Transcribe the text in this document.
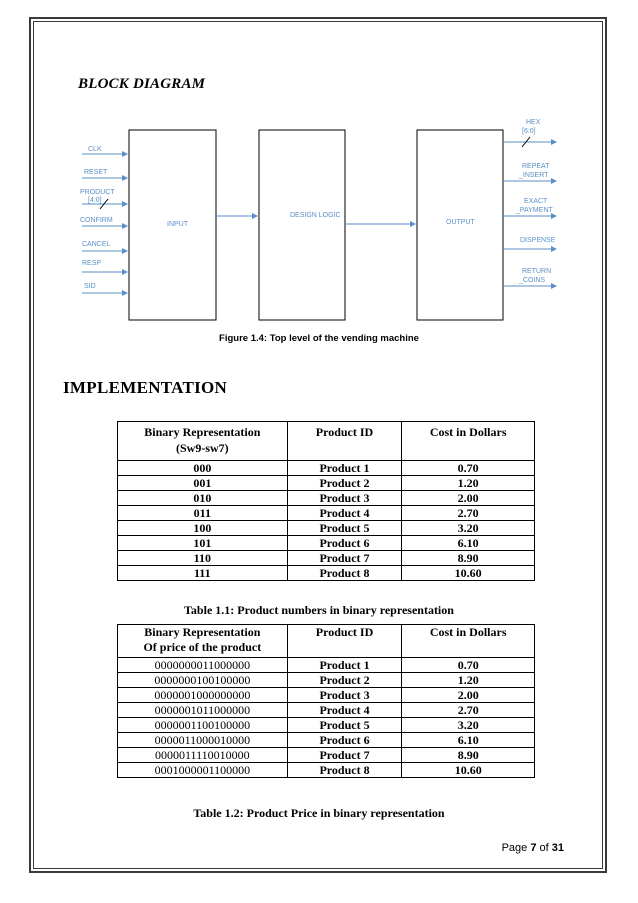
BLOCK DIAGRAM
INPUT
DESIGN LOGIC
OUTPUT
CLK
RESET
PRODUCT
[4:0]
CONFIRM
CANCEL
RESP
SID
HEX
[6:0]
REPEAT
_INSERT
EXACT
_PAYMENT
DISPENSE
RETURN
_COINS
Figure 1.4: Top level of the vending machine
IMPLEMENTATION
Binary Representation
(Sw9-sw7)	Product ID	Cost in Dollars
000	Product 1	0.70
001	Product 2	1.20
010	Product 3	2.00
011	Product 4	2.70
100	Product 5	3.20
101	Product 6	6.10
110	Product 7	8.90
111	Product 8	10.60
Table 1.1: Product numbers in binary representation
Binary Representation
Of price of the product	Product ID	Cost in Dollars
0000000011000000	Product 1	0.70
0000000100100000	Product 2	1.20
0000001000000000	Product 3	2.00
0000001011000000	Product 4	2.70
0000001100100000	Product 5	3.20
0000011000010000	Product 6	6.10
0000011110010000	Product 7	8.90
0001000001100000	Product 8	10.60
Table 1.2: Product Price in binary representation
Page 7 of 31
